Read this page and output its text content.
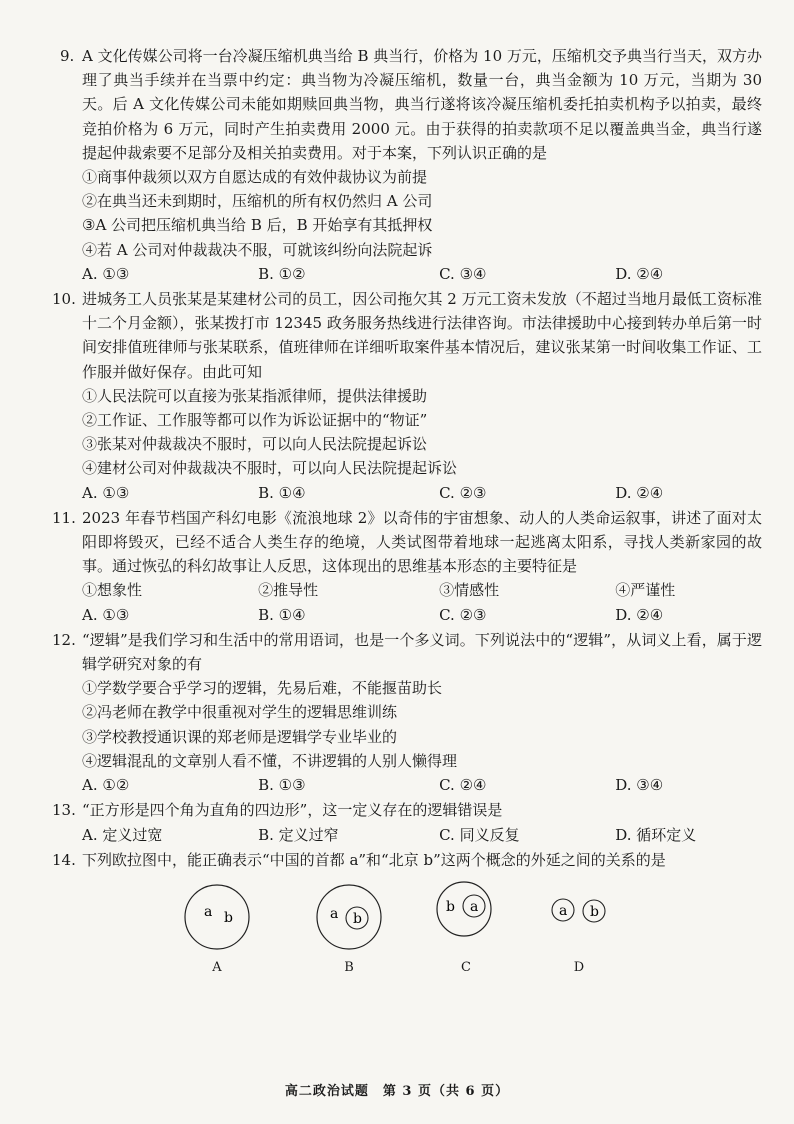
9. A 文化传媒公司将一台冷凝压缩机典当给 B 典当行，价格为 10 万元，压缩机交予典当行当天，双方办理了典当手续并在当票中约定：典当物为冷凝压缩机，数量一台，典当金额为 10 万元，当期为 30 天。后 A 文化传媒公司未能如期赎回典当物，典当行遂将该冷凝压缩机委托拍卖机构予以拍卖，最终竞拍价格为 6 万元，同时产生拍卖费用 2000 元。由于获得的拍卖款项不足以覆盖典当金，典当行遂提起仲裁索要不足部分及相关拍卖费用。对于本案，下列认识正确的是
①商事仲裁须以双方自愿达成的有效仲裁协议为前提
②在典当还未到期时，压缩机的所有权仍然归 A 公司
③A 公司把压缩机典当给 B 后，B 开始享有其抵押权
④若 A 公司对仲裁裁决不服，可就该纠纷向法院起诉
A. ①③	B. ①②	C. ③④	D. ②④
10. 进城务工人员张某是某建材公司的员工，因公司拖欠其 2 万元工资未发放（不超过当地月最低工资标准十二个月金额），张某拨打市 12345 政务服务热线进行法律咨询。市法律援助中心接到转办单后第一时间安排值班律师与张某联系，值班律师在详细听取案件基本情况后，建议张某第一时间收集工作证、工作服并做好保存。由此可知
①人民法院可以直接为张某指派律师，提供法律援助
②工作证、工作服等都可以作为诉讼证据中的“物证”
③张某对仲裁裁决不服时，可以向人民法院提起诉讼
④建材公司对仲裁裁决不服时，可以向人民法院提起诉讼
A. ①③	B. ①④	C. ②③	D. ②④
11. 2023 年春节档国产科幻电影《流浪地球 2》以奇伟的宇宙想象、动人的人类命运叙事，讲述了面对太阳即将毁灭，已经不适合人类生存的绝境，人类试图带着地球一起逃离太阳系，寻找人类新家园的故事。通过恢弘的科幻故事让人反思，这体现出的思维基本形态的主要特征是
①想象性	②推导性	③情感性	④严谨性
A. ①③	B. ①④	C. ②③	D. ②④
12. “逻辑”是我们学习和生活中的常用语词，也是一个多义词。下列说法中的“逻辑”，从词义上看，属于逻辑学研究对象的有
①学数学要合乎学习的逻辑，先易后难，不能揠苗助长
②冯老师在教学中很重视对学生的逻辑思维训练
③学校教授通识课的郑老师是逻辑学专业毕业的
④逻辑混乱的文章别人看不懂，不讲逻辑的人别人懒得理
A. ①②	B. ①③	C. ②④	D. ③④
13. “正方形是四个角为直角的四边形”，这一定义存在的逻辑错误是
A. 定义过宽	B. 定义过窄	C. 同义反复	D. 循环定义
14. 下列欧拉图中，能正确表示“中国的首都 a”和“北京 b”这两个概念的外延之间的关系的是
a b
A
a b
B
b a
C
a b
D
高二政治试题　第 3 页（共 6 页）
